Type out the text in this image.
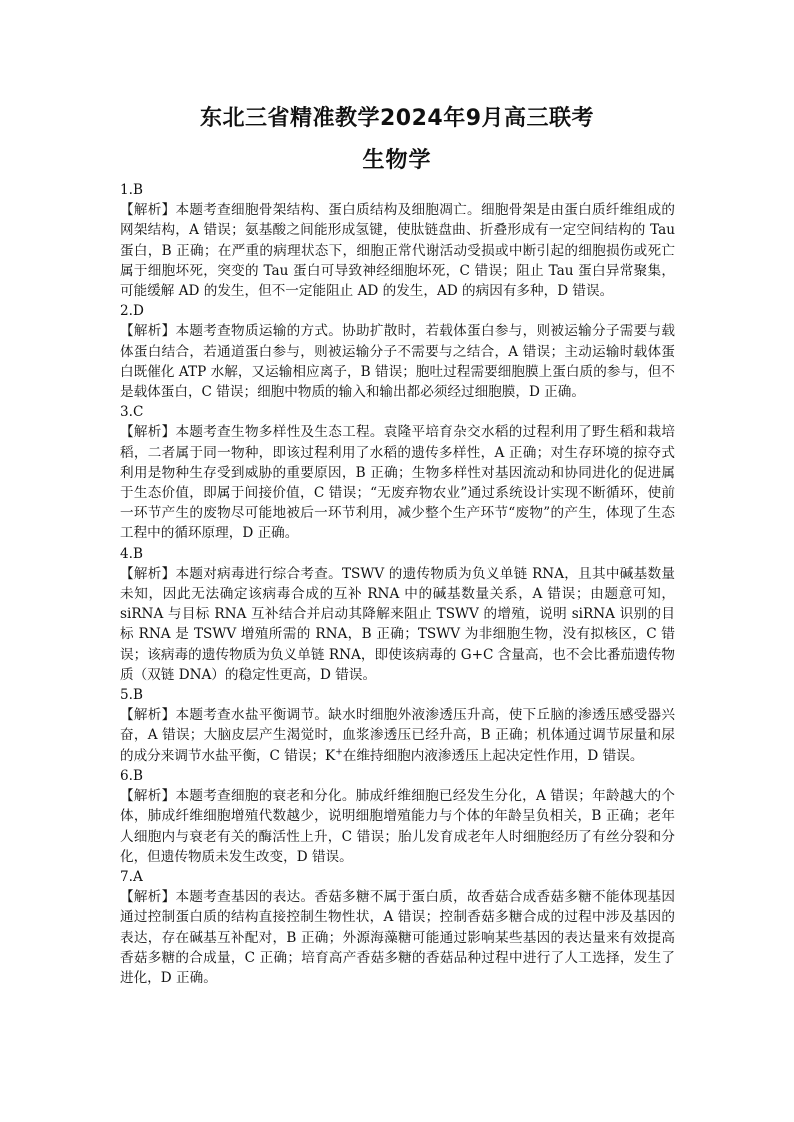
东北三省精准教学2024年9月高三联考
生物学

1.B

【解析】本题考查细胞骨架结构、蛋白质结构及细胞凋亡。细胞骨架是由蛋白质纤维组成的网架结构，A 错误；氨基酸之间能形成氢键，使肽链盘曲、折叠形成有一定空间结构的 Tau 蛋白，B 正确；在严重的病理状态下，细胞正常代谢活动受损或中断引起的细胞损伤或死亡属于细胞坏死，突变的 Tau 蛋白可导致神经细胞坏死，C 错误；阻止 Tau 蛋白异常聚集，可能缓解 AD 的发生，但不一定能阻止 AD 的发生，AD 的病因有多种，D 错误。

2.D

【解析】本题考查物质运输的方式。协助扩散时，若载体蛋白参与，则被运输分子需要与载体蛋白结合，若通道蛋白参与，则被运输分子不需要与之结合，A 错误；主动运输时载体蛋白既催化 ATP 水解，又运输相应离子，B 错误；胞吐过程需要细胞膜上蛋白质的参与，但不是载体蛋白，C 错误；细胞中物质的输入和输出都必须经过细胞膜，D 正确。

3.C

【解析】本题考查生物多样性及生态工程。袁隆平培育杂交水稻的过程利用了野生稻和栽培稻，二者属于同一物种，即该过程利用了水稻的遗传多样性，A 正确；对生存环境的掠夺式利用是物种生存受到威胁的重要原因，B 正确；生物多样性对基因流动和协同进化的促进属于生态价值，即属于间接价值，C 错误；“无废弃物农业”通过系统设计实现不断循环，使前一环节产生的废物尽可能地被后一环节利用，减少整个生产环节“废物”的产生，体现了生态工程中的循环原理，D 正确。

4.B

【解析】本题对病毒进行综合考查。TSWV 的遗传物质为负义单链 RNA，且其中碱基数量未知，因此无法确定该病毒合成的互补 RNA 中的碱基数量关系，A 错误；由题意可知，siRNA 与目标 RNA 互补结合并启动其降解来阻止 TSWV 的增殖，说明 siRNA 识别的目标 RNA 是 TSWV 增殖所需的 RNA，B 正确；TSWV 为非细胞生物，没有拟核区，C 错误；该病毒的遗传物质为负义单链 RNA，即使该病毒的 G+C 含量高，也不会比番茄遗传物质（双链 DNA）的稳定性更高，D 错误。

5.B

【解析】本题考查水盐平衡调节。缺水时细胞外液渗透压升高，使下丘脑的渗透压感受器兴奋，A 错误；大脑皮层产生渴觉时，血浆渗透压已经升高，B 正确；机体通过调节尿量和尿的成分来调节水盐平衡，C 错误；K+在维持细胞内液渗透压上起决定性作用，D 错误。

6.B

【解析】本题考查细胞的衰老和分化。肺成纤维细胞已经发生分化，A 错误；年龄越大的个体，肺成纤维细胞增殖代数越少，说明细胞增殖能力与个体的年龄呈负相关，B 正确；老年人细胞内与衰老有关的酶活性上升，C 错误；胎儿发育成老年人时细胞经历了有丝分裂和分化，但遗传物质未发生改变，D 错误。

7.A

【解析】本题考查基因的表达。香菇多糖不属于蛋白质，故香菇合成香菇多糖不能体现基因通过控制蛋白质的结构直接控制生物性状，A 错误；控制香菇多糖合成的过程中涉及基因的表达，存在碱基互补配对，B 正确；外源海藻糖可能通过影响某些基因的表达量来有效提高香菇多糖的合成量，C 正确；培育高产香菇多糖的香菇品种过程中进行了人工选择，发生了进化，D 正确。
